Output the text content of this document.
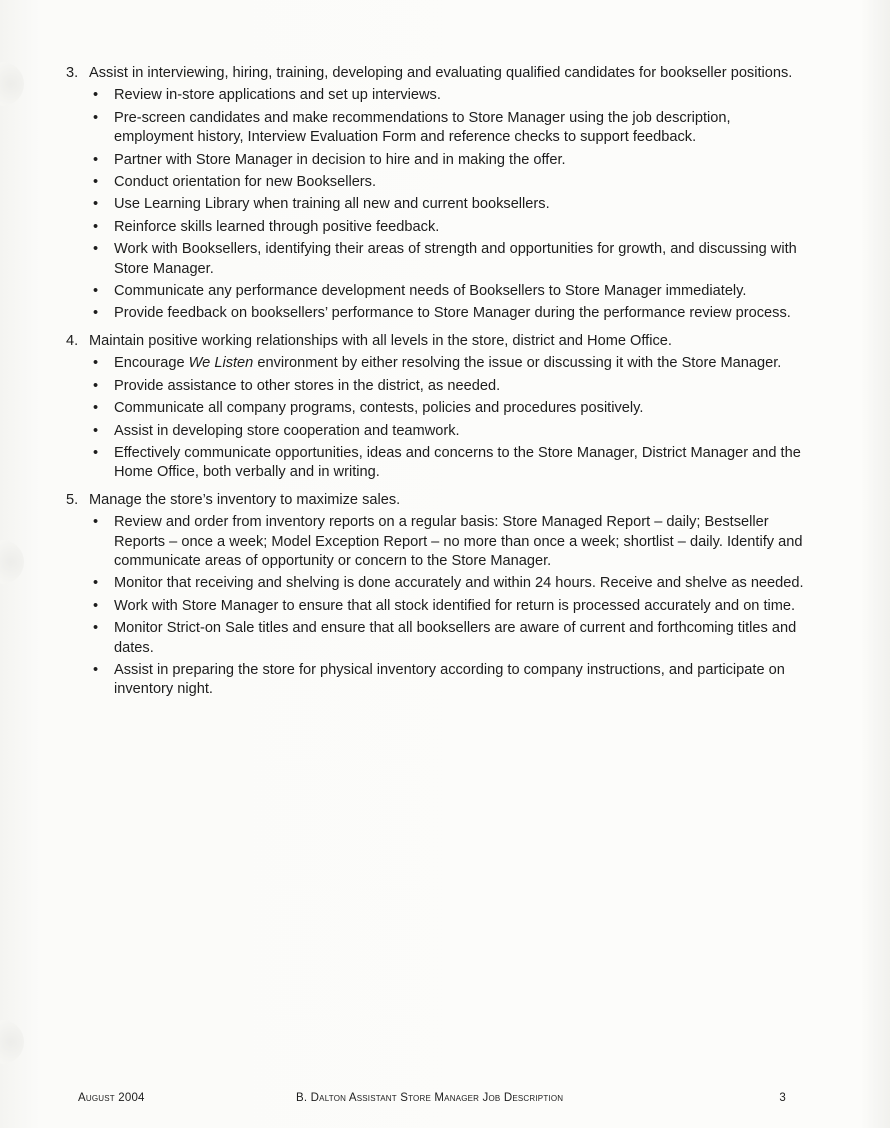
3. Assist in interviewing, hiring, training, developing and evaluating qualified candidates for bookseller positions.

•	Review in-store applications and set up interviews.
•	Pre-screen candidates and make recommendations to Store Manager using the job description, employment history, Interview Evaluation Form and reference checks to support feedback.
•	Partner with Store Manager in decision to hire and in making the offer.
•	Conduct orientation for new Booksellers.
•	Use Learning Library when training all new and current booksellers.
•	Reinforce skills learned through positive feedback.
•	Work with Booksellers, identifying their areas of strength and opportunities for growth, and discussing with Store Manager.
•	Communicate any performance development needs of Booksellers to Store Manager immediately.
•	Provide feedback on booksellers’ performance to Store Manager during the performance review process.
4. Maintain positive working relationships with all levels in the store, district and Home Office.

•	Encourage We Listen environment by either resolving the issue or discussing it with the Store Manager.
•	Provide assistance to other stores in the district, as needed.
•	Communicate all company programs, contests, policies and procedures positively.
•	Assist in developing store cooperation and teamwork.
•	Effectively communicate opportunities, ideas and concerns to the Store Manager, District Manager and the Home Office, both verbally and in writing.
5. Manage the store’s inventory to maximize sales.

•	Review and order from inventory reports on a regular basis: Store Managed Report – daily; Bestseller Reports – once a week; Model Exception Report – no more than once a week; shortlist – daily. Identify and communicate areas of opportunity or concern to the Store Manager.
•	Monitor that receiving and shelving is done accurately and within 24 hours. Receive and shelve as needed.
•	Work with Store Manager to ensure that all stock identified for return is processed accurately and on time.
•	Monitor Strict-on Sale titles and ensure that all booksellers are aware of current and forthcoming titles and dates.
•	Assist in preparing the store for physical inventory according to company instructions, and participate on inventory night.
August 2004	B. Dalton Assistant Store Manager Job Description	3
